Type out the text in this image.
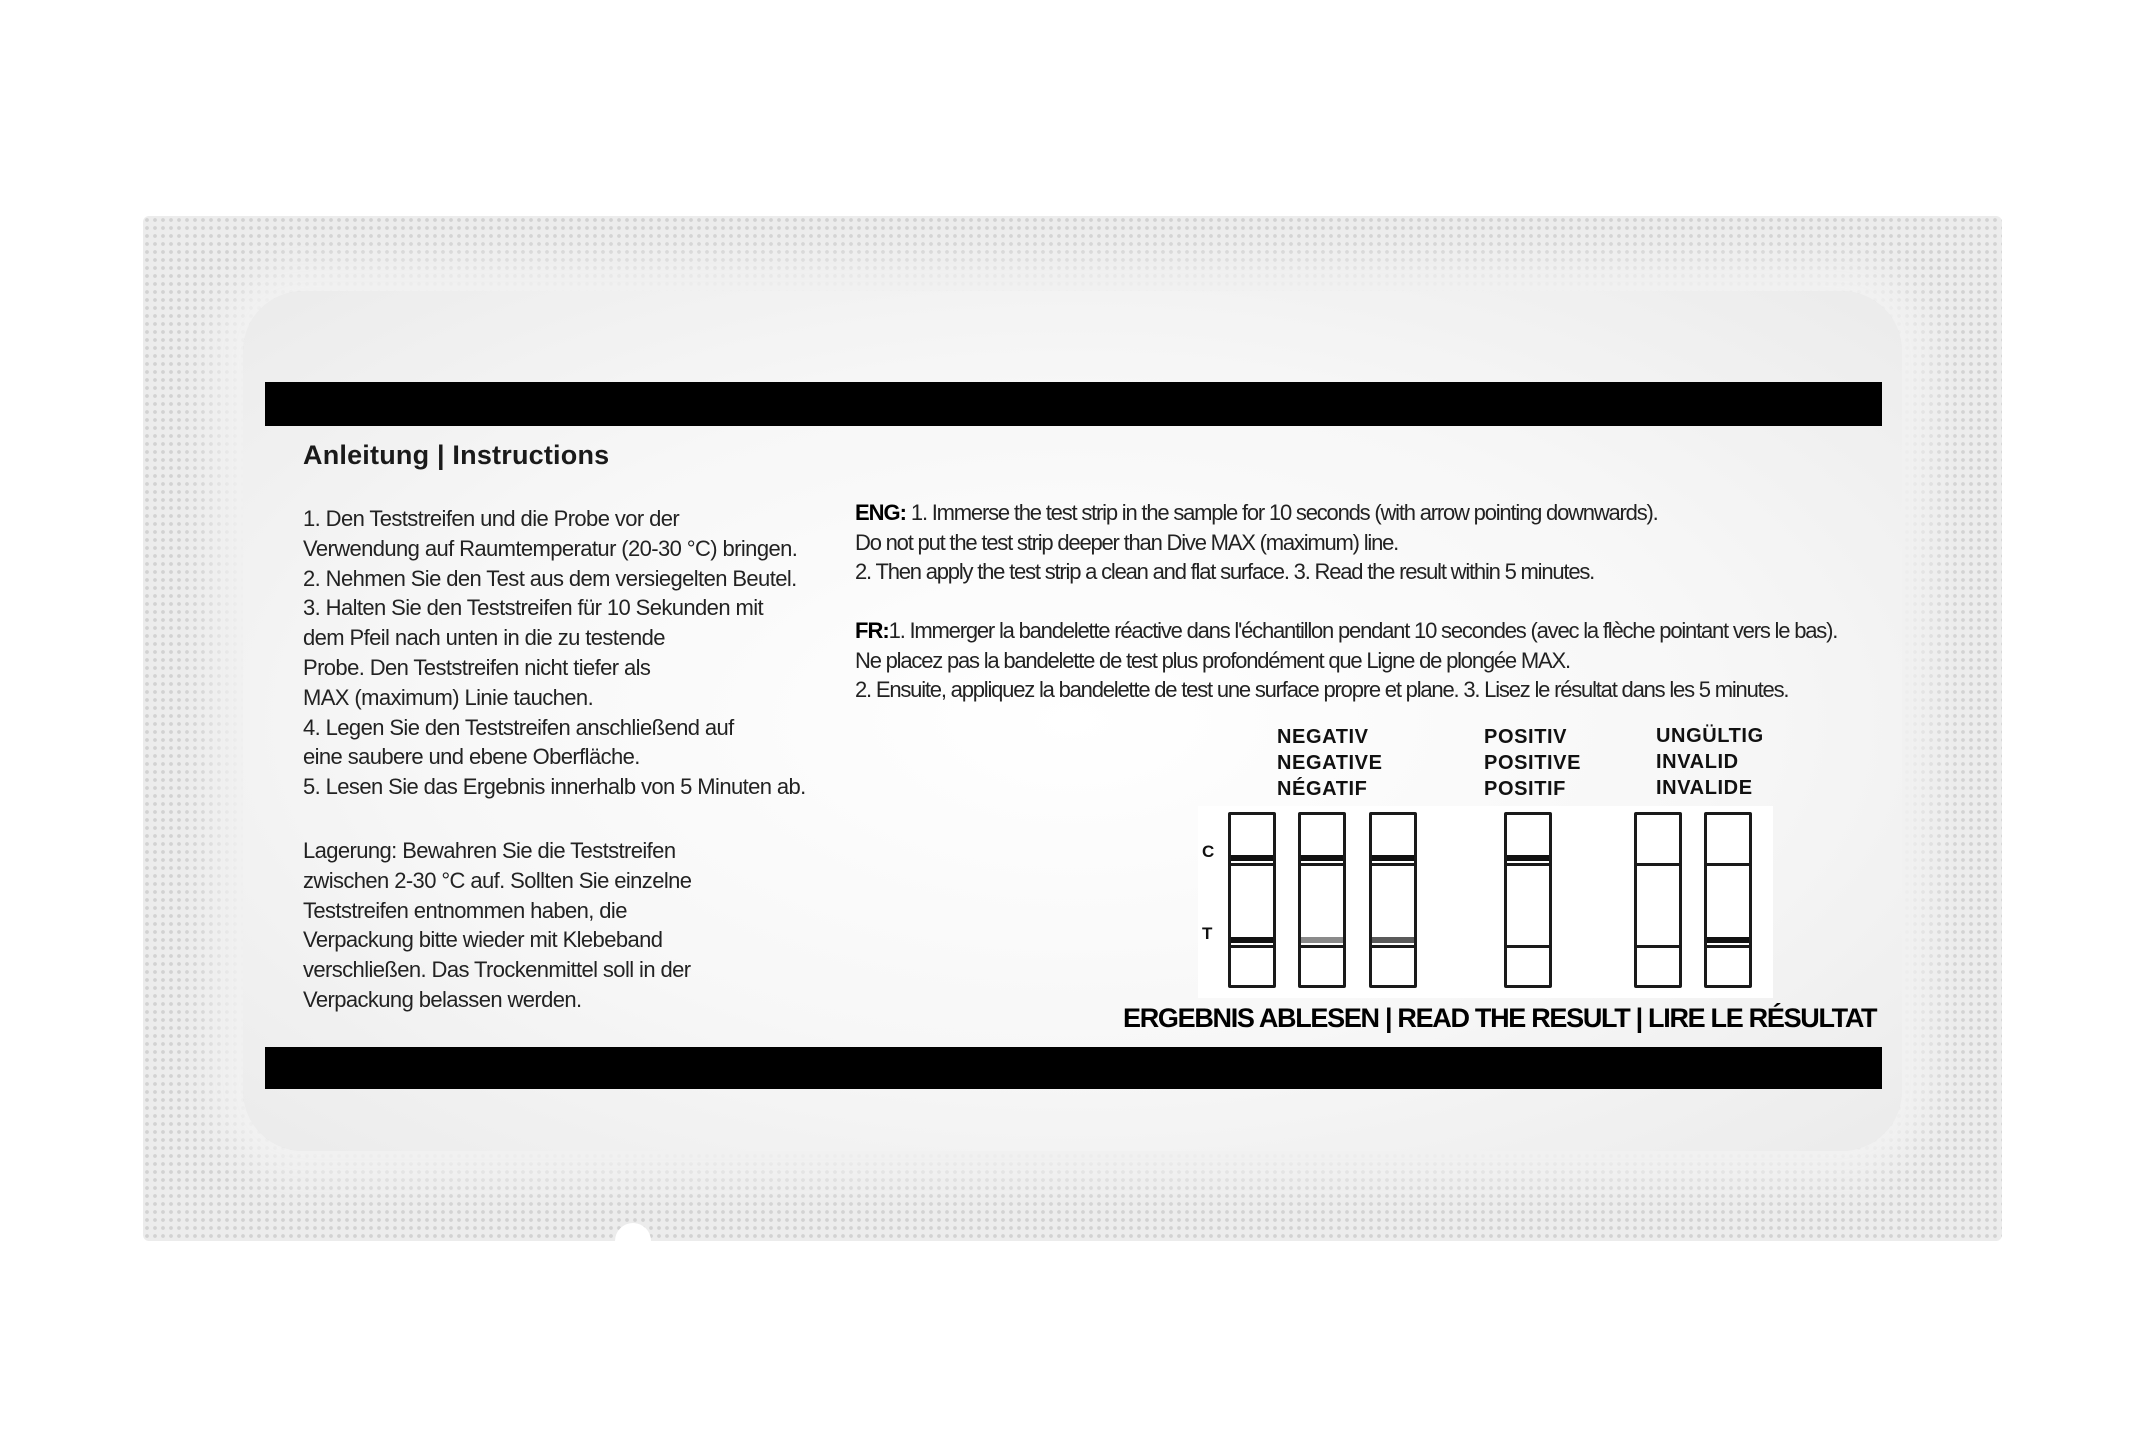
Anleitung | Instructions

1. Den Teststreifen und die Probe vor der

Verwendung auf Raumtemperatur (20-30 °C) bringen.

2. Nehmen Sie den Test aus dem versiegelten Beutel.

3. Halten Sie den Teststreifen für 10 Sekunden mit

dem Pfeil nach unten in die zu testende

Probe. Den Teststreifen nicht tiefer als

MAX (maximum) Linie tauchen.

4. Legen Sie den Teststreifen anschließend auf

eine saubere und ebene Oberfläche.

5. Lesen Sie das Ergebnis innerhalb von 5 Minuten ab.

Lagerung: Bewahren Sie die Teststreifen

zwischen 2-30 °C auf. Sollten Sie einzelne

Teststreifen entnommen haben, die

Verpackung bitte wieder mit Klebeband

verschließen. Das Trockenmittel soll in der

Verpackung belassen werden.

ENG: 1. Immerse the test strip in the sample for 10 seconds (with arrow pointing downwards).

Do not put the test strip deeper than Dive MAX (maximum) line.

2. Then apply the test strip a clean and flat surface. 3. Read the result within 5 minutes.

FR:1. Immerger la bandelette réactive dans l'échantillon pendant 10 secondes (avec la flèche pointant vers le bas).

Ne placez pas la bandelette de test plus profondément que Ligne de plongée MAX.

2. Ensuite, appliquez la bandelette de test une surface propre et plane. 3. Lisez le résultat dans les 5 minutes.

NEGATIV
NEGATIVE
NÉGATIF
POSITIV
POSITIVE
POSITIF
UNGÜLTIG
INVALID
INVALIDE
C
T
ERGEBNIS ABLESEN | READ THE RESULT | LIRE LE RÉSULTAT
